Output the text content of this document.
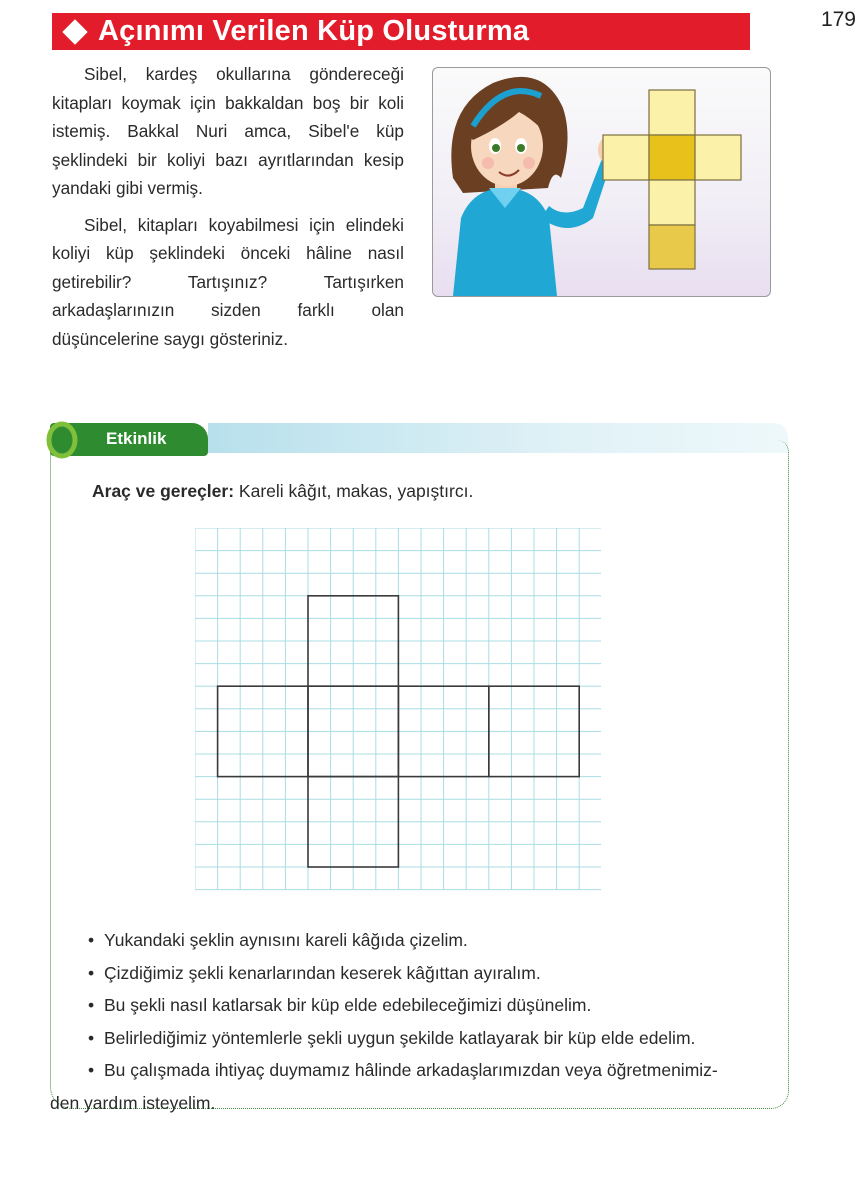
179
Açınımı Verilen Küp Olusturma

Sibel, kardeş okullarına göndereceği kitapları koymak için bakkaldan boş bir koli istemiş. Bakkal Nuri amca, Sibel'e küp şeklindeki bir koliyi bazı ayrıtlarından kesip yandaki gibi vermiş.

Sibel, kitapları koyabilmesi için elindeki koliyi küp şeklindeki önceki hâline nasıl getirebilir? Tartışınız? Tartışırken arkadaşlarınızın sizden farklı olan düşüncelerine saygı gösteriniz.

Etkinlik
Araç ve gereçler: Kareli kâğıt, makas, yapıştırcı.
• Yukandaki şeklin aynısını kareli kâğıda çizelim.
• Çizdiğimiz şekli kenarlarından keserek kâğıttan ayıralım.
• Bu şekli nasıl katlarsak bir küp elde edebileceğimizi düşünelim.
• Belirlediğimiz yöntemlerle şekli uygun şekilde katlayarak bir küp elde edelim.
• Bu çalışmada ihtiyaç duymamız hâlinde arkadaşlarımızdan veya öğretmenimiz-
den yardım isteyelim.
